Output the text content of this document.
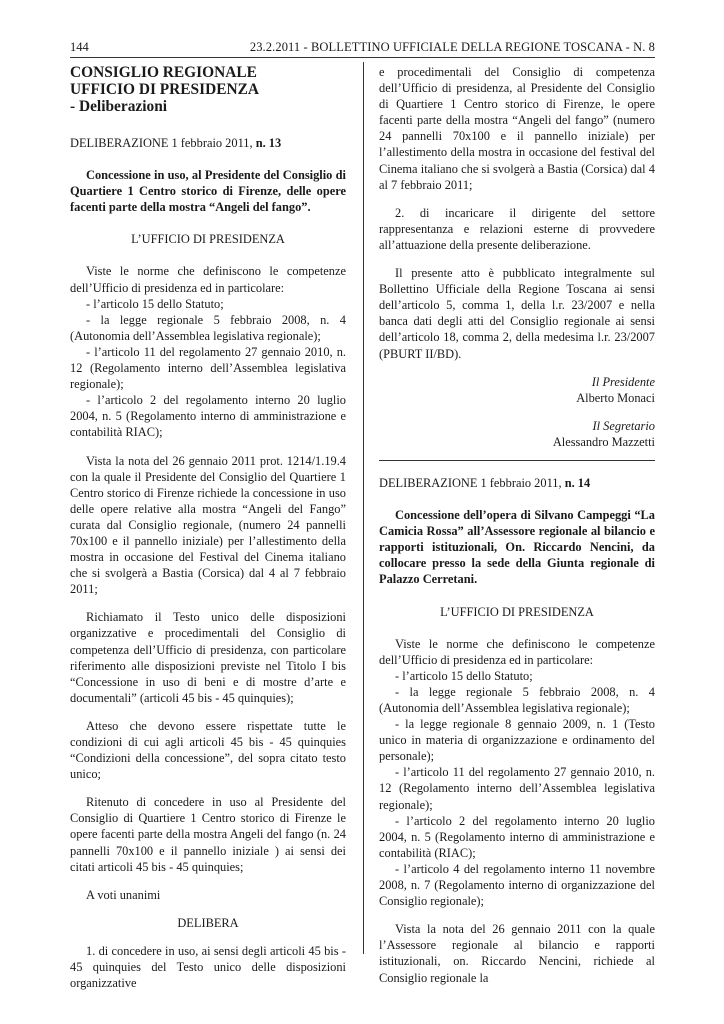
144	23.2.2011 - BOLLETTINO UFFICIALE DELLA REGIONE TOSCANA - N. 8

CONSIGLIO REGIONALE

UFFICIO DI PRESIDENZA

- Deliberazioni

DELIBERAZIONE 1 febbraio 2011, n. 13

Concessione in uso, al Presidente del Consiglio di Quartiere 1 Centro storico di Firenze, delle opere facenti parte della mostra “Angeli del fango”.

L’UFFICIO DI PRESIDENZA

Viste le norme che definiscono le competenze dell’Ufficio di presidenza ed in particolare:

- l’articolo 15 dello Statuto;

- la legge regionale 5 febbraio 2008, n. 4 (Autonomia dell’Assemblea legislativa regionale);

- l’articolo 11 del regolamento 27 gennaio 2010, n. 12 (Regolamento interno dell’Assemblea legislativa regionale);

- l’articolo 2 del regolamento interno 20 luglio 2004, n. 5 (Regolamento interno di amministrazione e contabilità RIAC);

Vista la nota del 26 gennaio 2011 prot. 1214/1.19.4 con la quale il Presidente del Consiglio del Quartiere 1 Centro storico di Firenze richiede la concessione in uso delle opere relative alla mostra “Angeli del Fango” curata dal Consiglio regionale, (numero 24 pannelli 70x100 e il pannello iniziale) per l’allestimento della mostra in occasione del Festival del Cinema italiano che si svolgerà a Bastia (Corsica) dal 4 al 7 febbraio 2011;

Richiamato il Testo unico delle disposizioni organizzative e procedimentali del Consiglio di competenza dell’Ufficio di presidenza, con particolare riferimento alle disposizioni previste nel Titolo I bis “Concessione in uso di beni e di mostre d’arte e documentali” (articoli 45 bis - 45 quinquies);

Atteso che devono essere rispettate tutte le condizioni di cui agli articoli 45 bis - 45 quinquies “Condizioni della concessione”, del sopra citato testo unico;

Ritenuto di concedere in uso al Presidente del Consiglio di Quartiere 1 Centro storico di Firenze le opere facenti parte della mostra Angeli del fango (n. 24 pannelli 70x100 e il pannello iniziale ) ai sensi dei citati articoli 45 bis - 45 quinquies;

A voti unanimi

DELIBERA

1. di concedere in uso, ai sensi degli articoli 45 bis - 45 quinquies del Testo unico delle disposizioni organizzative

e procedimentali del Consiglio di competenza dell’Ufficio di presidenza, al Presidente del Consiglio di Quartiere 1 Centro storico di Firenze, le opere facenti parte della mostra “Angeli del fango” (numero 24 pannelli 70x100 e il pannello iniziale) per l’allestimento della mostra in occasione del festival del Cinema italiano che si svolgerà a Bastia (Corsica) dal 4 al 7 febbraio 2011;

2. di incaricare il dirigente del settore rappresentanza e relazioni esterne di provvedere all’attuazione della presente deliberazione.

Il presente atto è pubblicato integralmente sul Bollettino Ufficiale della Regione Toscana ai sensi dell’articolo 5, comma 1, della l.r. 23/2007 e nella banca dati degli atti del Consiglio regionale ai sensi dell’articolo 18, comma 2, della medesima l.r. 23/2007 (PBURT II/BD).

Il Presidente

Alberto Monaci

Il Segretario

Alessandro Mazzetti

DELIBERAZIONE 1 febbraio 2011, n. 14

Concessione dell’opera di Silvano Campeggi “La Camicia Rossa” all’Assessore regionale al bilancio e rapporti istituzionali, On. Riccardo Nencini, da collocare presso la sede della Giunta regionale di Palazzo Cerretani.

L’UFFICIO DI PRESIDENZA

Viste le norme che definiscono le competenze dell’Ufficio di presidenza ed in particolare:

- l’articolo 15 dello Statuto;

- la legge regionale 5 febbraio 2008, n. 4 (Autonomia dell’Assemblea legislativa regionale);

- la legge regionale 8 gennaio 2009, n. 1 (Testo unico in materia di organizzazione e ordinamento del personale);

- l’articolo 11 del regolamento 27 gennaio 2010, n. 12 (Regolamento interno dell’Assemblea legislativa regionale);

- l’articolo 2 del regolamento interno 20 luglio 2004, n. 5 (Regolamento interno di amministrazione e contabilità (RIAC);

- l’articolo 4 del regolamento interno 11 novembre 2008, n. 7 (Regolamento interno di organizzazione del Consiglio regionale);

Vista la nota del 26 gennaio 2011 con la quale l’Assessore regionale al bilancio e rapporti istituzionali, on. Riccardo Nencini, richiede al Consiglio regionale la
